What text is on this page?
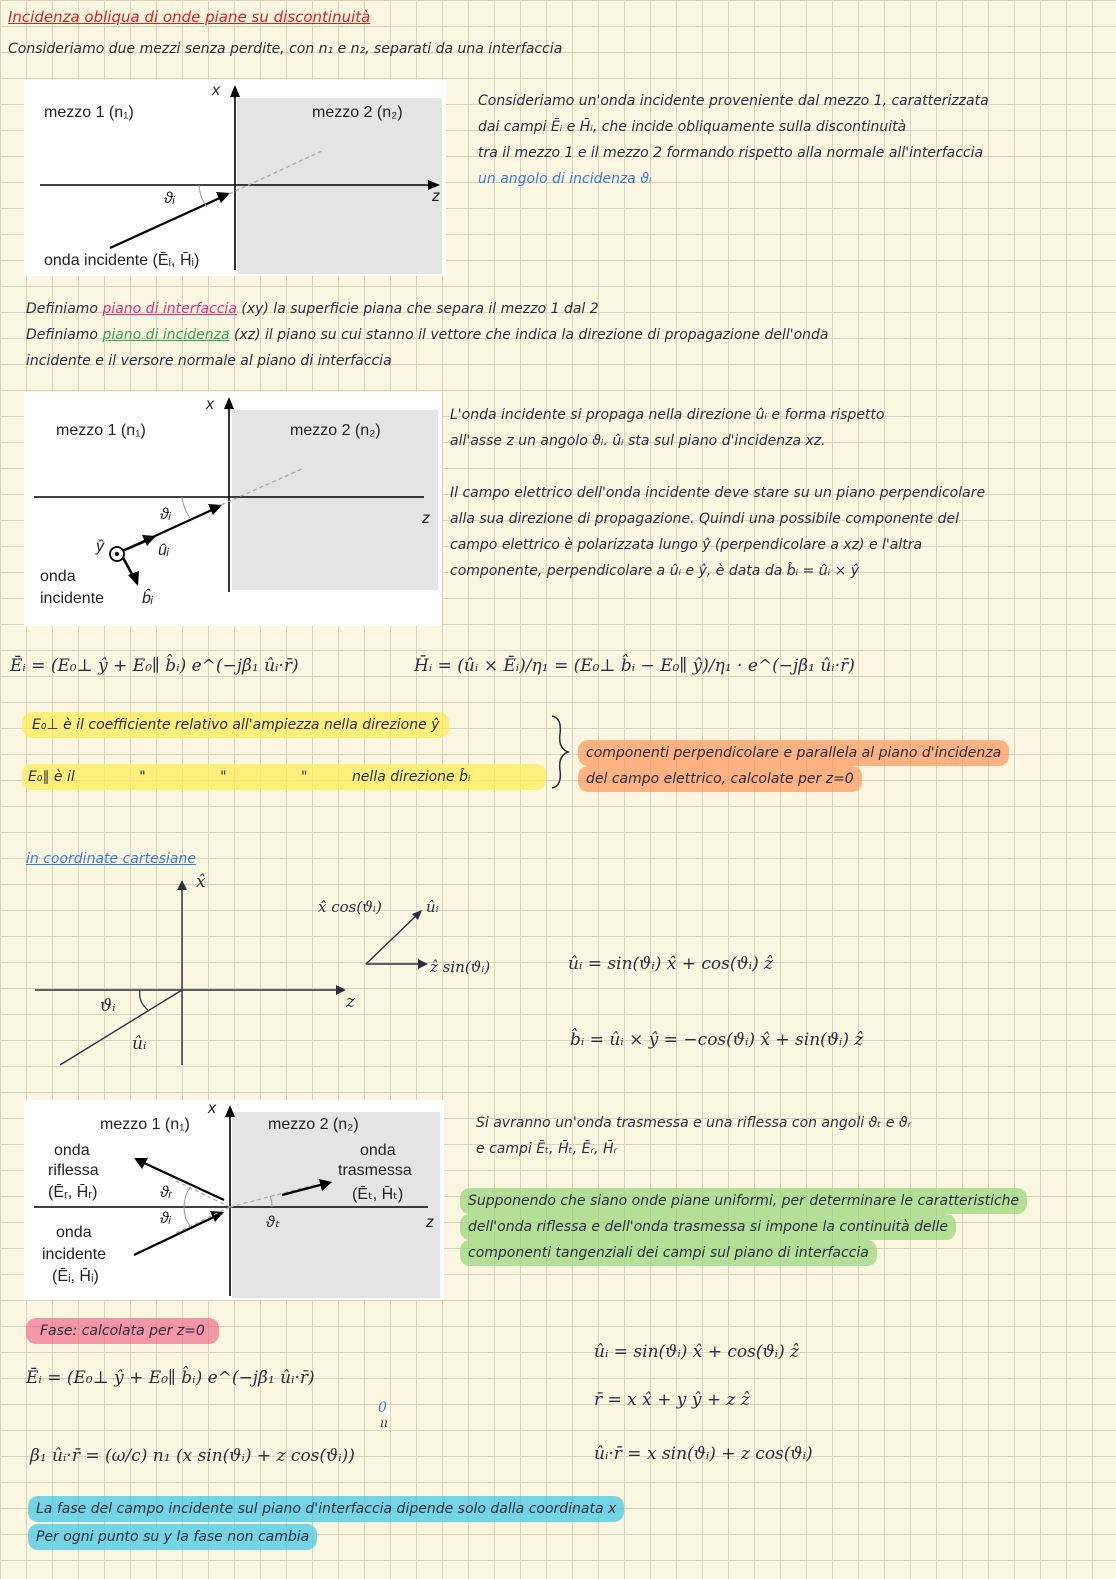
Incidenza obliqua di onde piane su discontinuità
Consideriamo due mezzi senza perdite, con n₁ e n₂, separati da una interfaccia
x
z
mezzo 1 (n₁)	mezzo 2 (n₂)
ϑᵢ
onda incidente (Ēᵢ, H̄ᵢ)
Consideriamo un'onda incidente proveniente dal mezzo 1, caratterizzata
dai campi Ēᵢ e H̄ᵢ, che incide obliquamente sulla discontinuità
tra il mezzo 1 e il mezzo 2 formando rispetto alla normale all'interfaccia
un angolo di incidenza ϑᵢ
Definiamo piano di interfaccia (xy) la superficie piana che separa il mezzo 1 dal 2
Definiamo piano di incidenza (xz) il piano su cui stanno il vettore che indica la direzione di propagazione dell'onda
incidente e il versore normale al piano di interfaccia
x
z
mezzo 1 (n₁)	mezzo 2 (n₂)
ϑᵢ
ŷ	ûᵢ
b̂ᵢ
onda
incidente
L'onda incidente si propaga nella direzione ûᵢ e forma rispetto
all'asse z un angolo ϑᵢ. ûᵢ sta sul piano d'incidenza xz.
Il campo elettrico dell'onda incidente deve stare su un piano perpendicolare
alla sua direzione di propagazione. Quindi una possibile componente del
campo elettrico è polarizzata lungo ŷ (perpendicolare a xz) e l'altra
componente, perpendicolare a ûᵢ e ŷ, è data da b̂ᵢ = ûᵢ × ŷ
Ēᵢ = (E₀⊥ ŷ + E₀∥ b̂ᵢ) e^(−jβ₁ ûᵢ·r̄)	H̄ᵢ = (ûᵢ × Ēᵢ)/η₁ = (E₀⊥ b̂ᵢ − E₀∥ ŷ)/η₁ · e^(−jβ₁ ûᵢ·r̄)
E₀⊥ è il coefficiente relativo all'ampiezza nella direzione ŷ
E₀∥ è il	"	"	"	nella direzione b̂ᵢ
componenti perpendicolare e parallela al piano d'incidenza
del campo elettrico, calcolate per z=0
in coordinate cartesiane
x̂
z
ϑᵢ
ûᵢ
x̂ cos(ϑᵢ)	ûᵢ
ẑ sin(ϑᵢ)	ûᵢ = sin(ϑᵢ) x̂ + cos(ϑᵢ) ẑ
b̂ᵢ = ûᵢ × ŷ = −cos(ϑᵢ) x̂ + sin(ϑᵢ) ẑ
x
z
mezzo 1 (n₁)	mezzo 2 (n₂)
onda
riflessa
(Ēᵣ, H̄ᵣ)
onda
incidente
(Ēᵢ, H̄ᵢ)
onda
trasmessa
(Ēₜ, H̄ₜ)
ϑᵣ
ϑᵢ	ϑₜ
Si avranno un'onda trasmessa e una riflessa con angoli ϑₜ e ϑᵣ
e campi Ēₜ, H̄ₜ, Ēᵣ, H̄ᵣ
Supponendo che siano onde piane uniformi, per determinare le caratteristiche
dell'onda riflessa e dell'onda trasmessa si impone la continuità delle
componenti tangenziali dei campi sul piano di interfaccia
Fase: calcolata per z=0
Ēᵢ = (E₀⊥ ŷ + E₀∥ b̂ᵢ) e^(−jβ₁ ûᵢ·r̄)
ûᵢ = sin(ϑᵢ) x̂ + cos(ϑᵢ) ẑ
r̄ = x x̂ + y ŷ + z ẑ
0
ıı
β₁ ûᵢ·r̄ = (ω/c) n₁ (x sin(ϑᵢ) + z cos(ϑᵢ))	ûᵢ·r̄ = x sin(ϑᵢ) + z cos(ϑᵢ)
La fase del campo incidente sul piano d'interfaccia dipende solo dalla coordinata x
Per ogni punto su y la fase non cambia
